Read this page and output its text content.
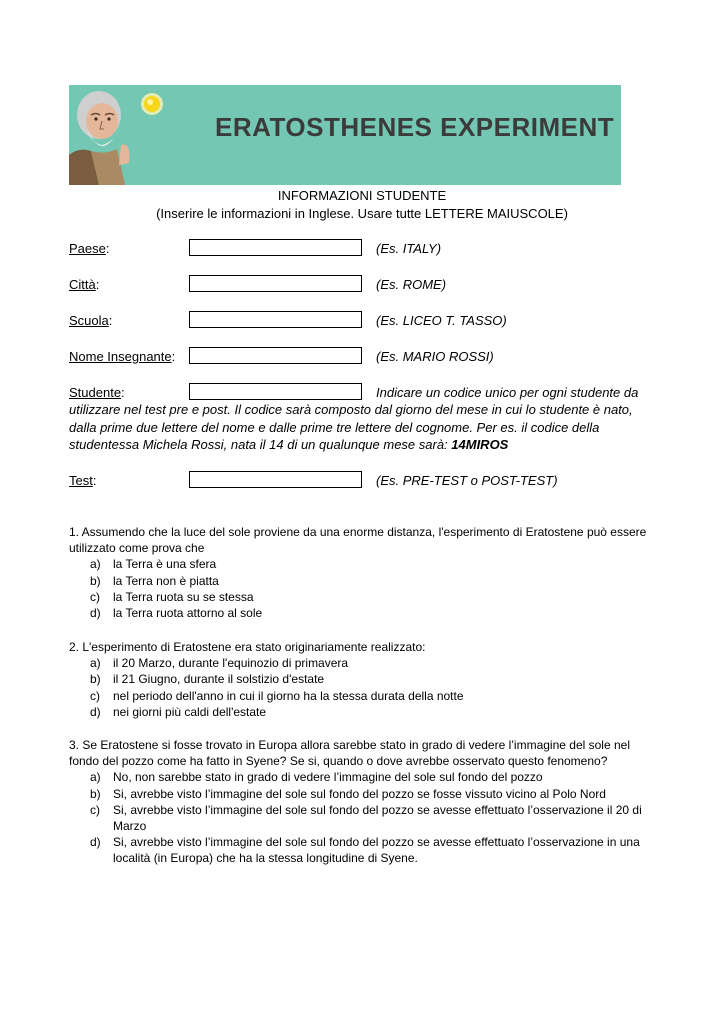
ERATOSTHENES EXPERIMENT
INFORMAZIONI STUDENTE
(Inserire le informazioni in Inglese. Usare tutte LETTERE MAIUSCOLE)
Paese:	(Es. ITALY)
Città:	(Es. ROME)
Scuola:	(Es. LICEO T. TASSO)
Nome Insegnante:	(Es. MARIO ROSSI)
Studente:	Indicare un codice unico per ogni studente da

utilizzare nel test pre e post. Il codice sarà composto dal giorno del mese in cui lo studente è nato, dalla prime due lettere del nome e dalle prime tre lettere del cognome. Per es. il codice della studentessa Michela Rossi, nata il 14 di un qualunque mese sarà: 14MIROS

Test:	(Es. PRE-TEST o POST-TEST)

1. Assumendo che la luce del sole proviene da una enorme distanza, l'esperimento di Eratostene può essere utilizzato come prova che

a) la Terra è una sfera
b) la Terra non è piatta
c) la Terra ruota su se stessa
d) la Terra ruota attorno al sole

2. L'esperimento di Eratostene era stato originariamente realizzato:

a) il 20 Marzo, durante l'equinozio di primavera
b) il 21 Giugno, durante il solstizio d'estate
c) nel periodo dell'anno in cui il giorno ha la stessa durata della notte
d) nei giorni più caldi dell'estate

3. Se Eratostene si fosse trovato in Europa allora sarebbe stato in grado di vedere l’immagine del sole nel fondo del pozzo come ha fatto in Syene? Se si, quando o dove avrebbe osservato questo fenomeno?

a) No, non sarebbe stato in grado di vedere l’immagine del sole sul fondo del pozzo
b) Si, avrebbe visto l’immagine del sole sul fondo del pozzo se fosse vissuto vicino al Polo Nord
c) Si, avrebbe visto l’immagine del sole sul fondo del pozzo se avesse effettuato l’osservazione il 20 di Marzo
d) Si, avrebbe visto l’immagine del sole sul fondo del pozzo se avesse effettuato l’osservazione in una località (in Europa) che ha la stessa longitudine di Syene.
